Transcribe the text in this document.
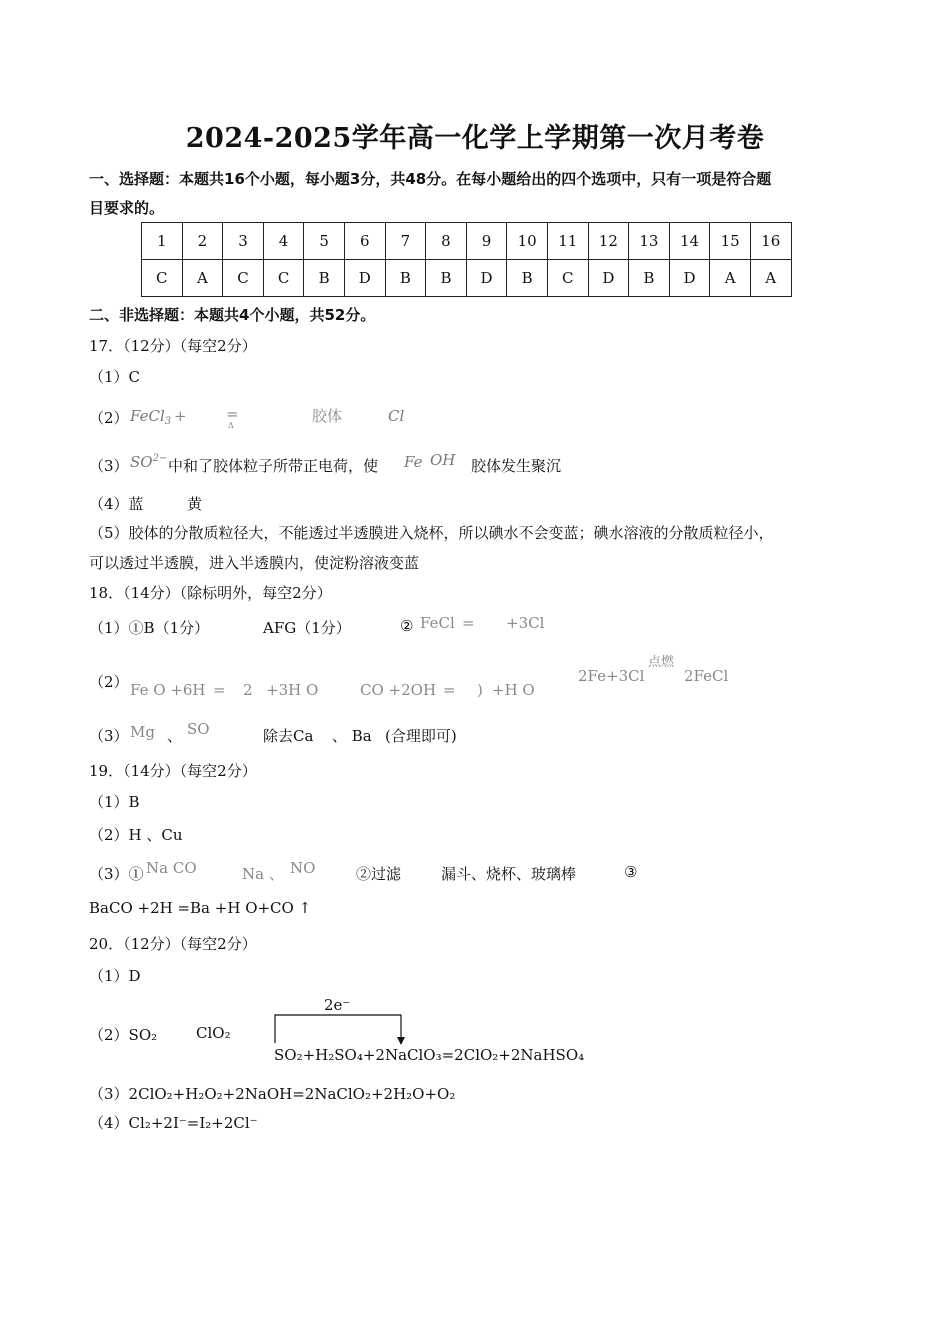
2024-2025学年高一化学上学期第一次月考卷
一、选择题：本题共16个小题，每小题3分，共48分。在每小题给出的四个选项中，只有一项是符合题
目要求的。
1	2	3	4	5	6	7	8	9	10	11	12	13	14	15	16
C	A	C	C	B	D	B	B	D	B	C	D	B	D	A	A
二、非选择题：本题共4个小题，共52分。
17．（12分）（每空2分）
（1）C
（2） FeCl$_3$ +	=
Δ
胶体	Cl
（3） $SO^{2-}$ 中和了胶体粒子所带正电荷，使 Fe OH 胶体发生聚沉
（4）蓝	黄
（5）胶体的分散质粒径大，不能透过半透膜进入烧杯，所以碘水不会变蓝；碘水溶液的分散质粒径小，
可以透过半透膜，进入半透膜内，使淀粉溶液变蓝
18．（14分）（除标明外，每空2分）
（1）①B（1分）	AFG（1分）	② FeCl = +3Cl
（2） Fe O +6H = 2 +3H O	CO +2OH = ) +H O
2Fe+3Cl
点燃
2FeCl
（3） Mg 、 SO	除去Ca 、 Ba (合理即可)
19．（14分）（每空2分）
（1）B
（2）H 、Cu
（3）① Na CO	Na 、 NO	②过滤	漏斗、烧杯、玻璃棒	③
BaCO +2H =Ba +H O+CO ↑
20．（12分）（每空2分）
（1）D
（2）SO₂	ClO₂
2e⁻
SO₂+H₂SO₄+2NaClO₃=2ClO₂+2NaHSO₄
（3）2ClO₂+H₂O₂+2NaOH=2NaClO₂+2H₂O+O₂
（4）Cl₂+2I⁻=I₂+2Cl⁻
